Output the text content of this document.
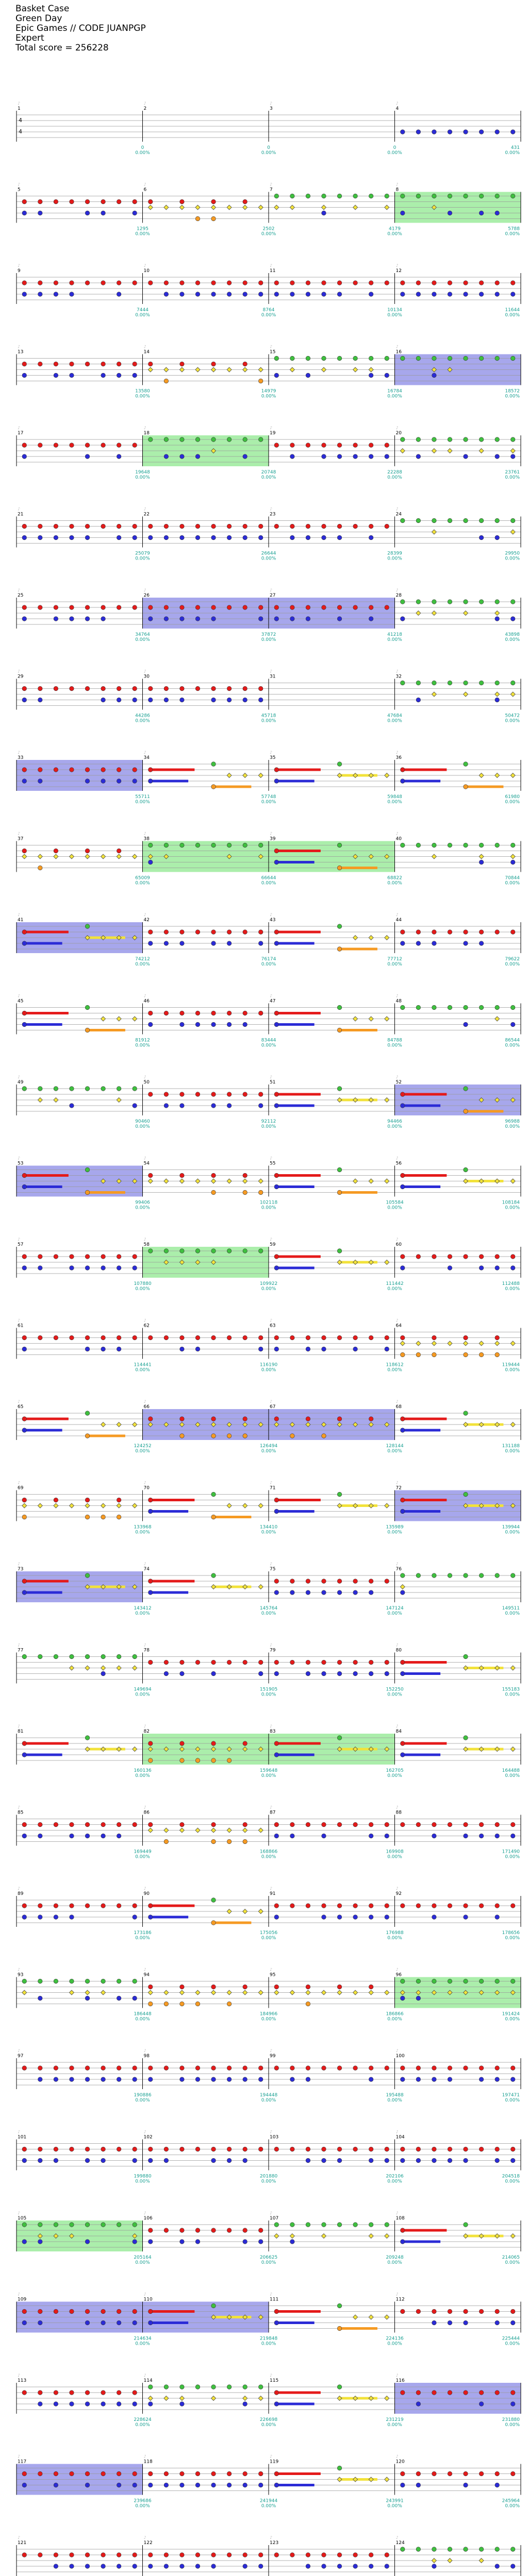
Basket Case
Green Day
Epic Games // CODE JUANPGP
Expert
Total score = 256228
♪	♪	♪	♪
1	2	3	4
4
4
0
0.00%
0
0.00%
0
0.00%
431
0.00%
♪	♪	♪	♪
5	6	7	8
1295
0.00%
2502
0.00%
4179
0.00%
5788
0.00%
♪	♪	♪	♪
9	10	11	12
7444
0.00%
8764
0.00%
10134
0.00%
11644
0.00%
♪	♪	♪	♪
13	14	15	16
13580
0.00%
14979
0.00%
16784
0.00%
18572
0.00%
♪	♪	♪	♪
17	18	19	20
19648
0.00%
20748
0.00%
22288
0.00%
23761
0.00%
♪	♪	♪	♪
21	22	23	24
25079
0.00%
26644
0.00%
28399
0.00%
29950
0.00%
♪	♪	♪	♪
25	26	27	28
34764
0.00%
37872
0.00%
41218
0.00%
43898
0.00%
♪	♪	♪	♪
29	30	31	32
44286
0.00%
45718
0.00%
47684
0.00%
50472
0.00%
♪	♪	♪	♪
33	34	35	36
55711
0.00%
57748
0.00%
59848
0.00%
61980
0.00%
♪	♪	♪	♪
37	38	39	40
65009
0.00%
66644
0.00%
68822
0.00%
70844
0.00%
♪	♪	♪	♪
41	42	43	44
74212
0.00%
76174
0.00%
77712
0.00%
79622
0.00%
♪	♪	♪	♪
45	46	47	48
81912
0.00%
83444
0.00%
84788
0.00%
86544
0.00%
♪	♪	♪	♪
49	50	51	52
90460
0.00%
92112
0.00%
94466
0.00%
96988
0.00%
♪	♪	♪	♪
53	54	55	56
99406
0.00%
102118
0.00%
105584
0.00%
108184
0.00%
♪	♪	♪	♪
57	58	59	60
107880
0.00%
109922
0.00%
111442
0.00%
112488
0.00%
♪	♪	♪	♪
61	62	63	64
114441
0.00%
116190
0.00%
118612
0.00%
119444
0.00%
♪	♪	♪	♪
65	66	67	68
124252
0.00%
126494
0.00%
128144
0.00%
131188
0.00%
♪	♪	♪	♪
69	70	71	72
133968
0.00%
134410
0.00%
135989
0.00%
139944
0.00%
♪	♪	♪	♪
73	74	75	76
143412
0.00%
145764
0.00%
147124
0.00%
149511
0.00%
♪	♪	♪	♪
77	78	79	80
149694
0.00%
151905
0.00%
152250
0.00%
155183
0.00%
♪	♪	♪	♪
81	82	83	84
160136
0.00%
159648
0.00%
162705
0.00%
164488
0.00%
♪	♪	♪	♪
85	86	87	88
169449
0.00%
168866
0.00%
169908
0.00%
171490
0.00%
♪	♪	♪	♪
89	90	91	92
173186
0.00%
175056
0.00%
176988
0.00%
178656
0.00%
♪	♪	♪	♪
93	94	95	96
186448
0.00%
184966
0.00%
186866
0.00%
191424
0.00%
♪	♪	♪	♪
97	98	99	100
190886
0.00%
194448
0.00%
195488
0.00%
197471
0.00%
♪	♪	♪	♪
101	102	103	104
199880
0.00%
201880
0.00%
202106
0.00%
204518
0.00%
♪	♪	♪	♪
105	106	107	108
205164
0.00%
206625
0.00%
209248
0.00%
214065
0.00%
♪	♪	♪	♪
109	110	111	112
214634
0.00%
219848
0.00%
224136
0.00%
225444
0.00%
♪	♪	♪	♪
113	114	115	116
228624
0.00%
226698
0.00%
231219
0.00%
231880
0.00%
♪	♪	♪	♪
117	118	119	120
239686
0.00%
241944
0.00%
243991
0.00%
245964
0.00%
♪	♪	♪	♪
121	122	123	124
